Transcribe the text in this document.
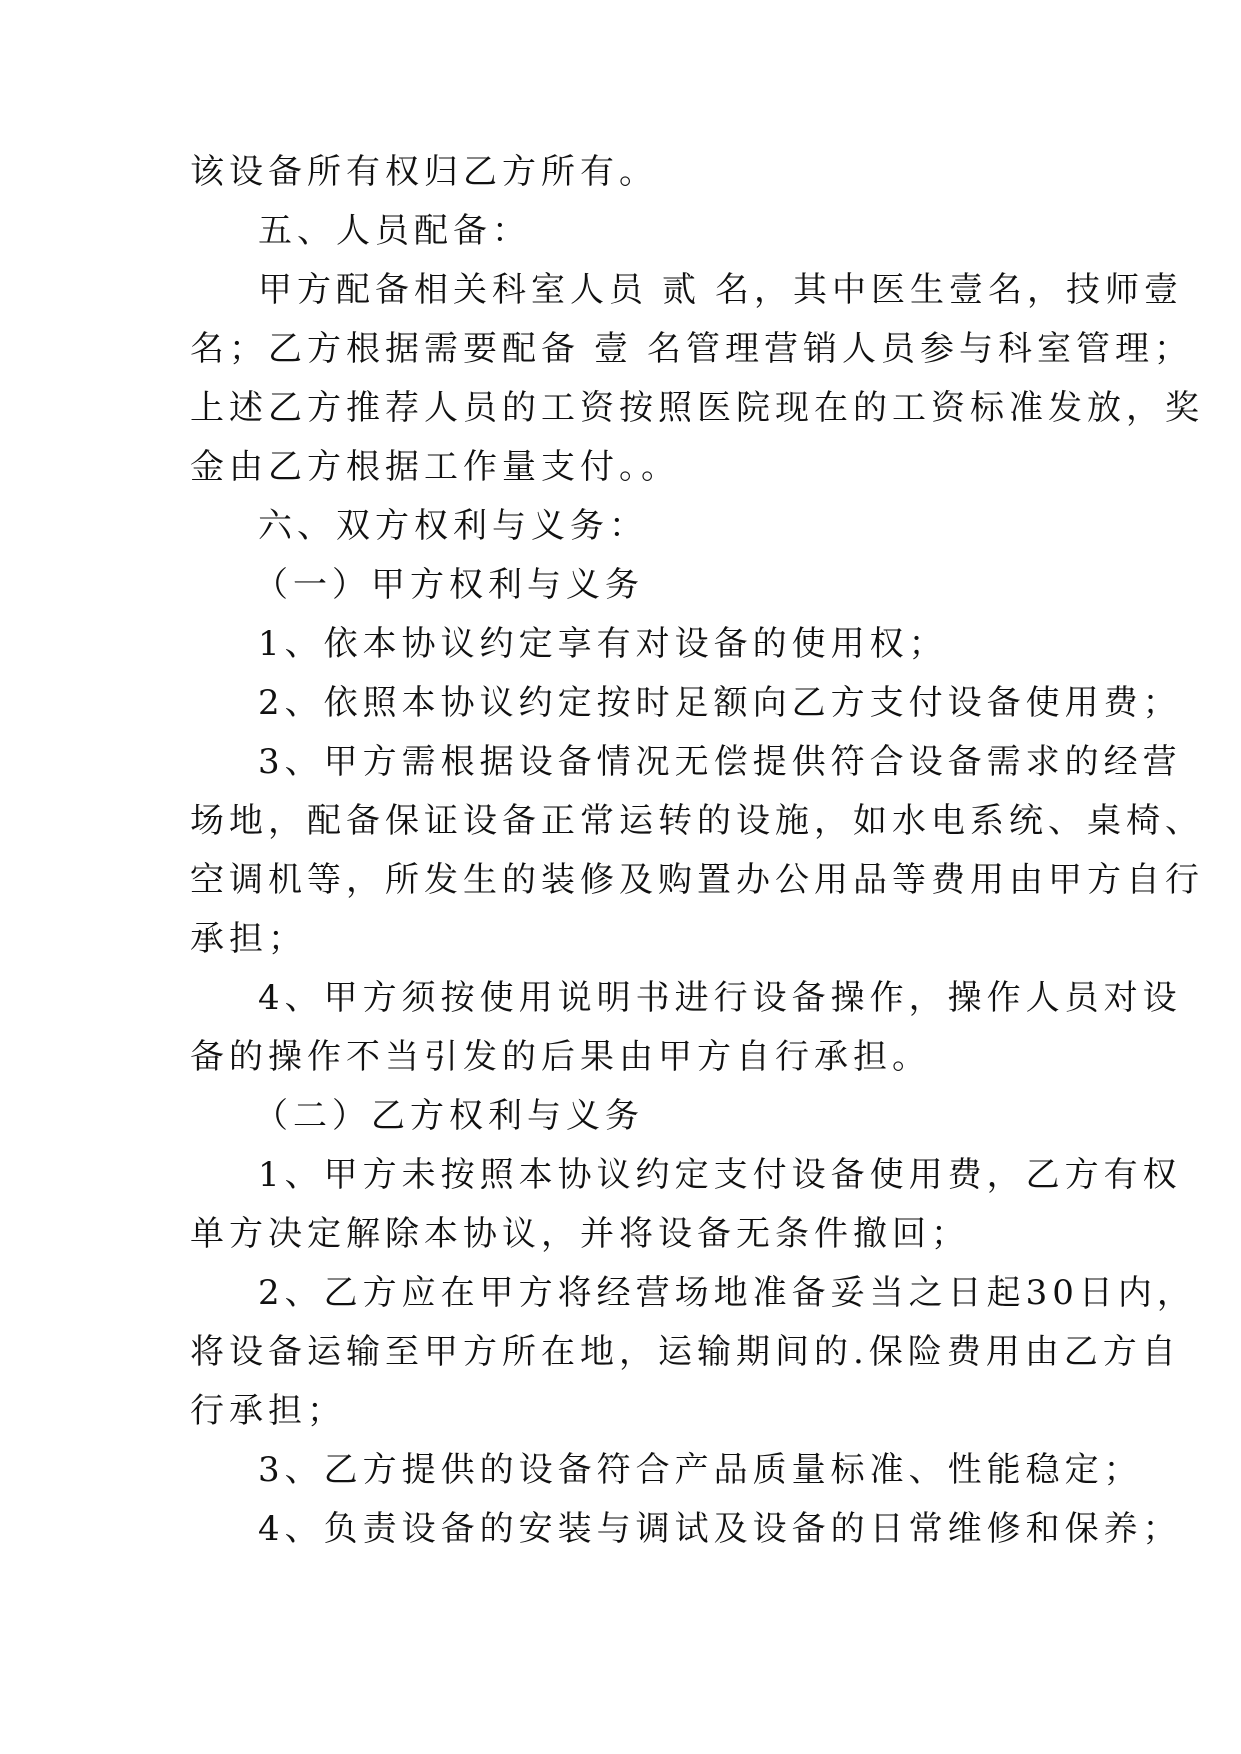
该设备所有权归乙方所有。
五、人员配备：
甲方配备相关科室人员 贰 名，其中医生壹名，技师壹
名；乙方根据需要配备 壹 名管理营销人员参与科室管理；
上述乙方推荐人员的工资按照医院现在的工资标准发放，奖
金由乙方根据工作量支付。。
六、双方权利与义务：
（一）甲方权利与义务
1、依本协议约定享有对设备的使用权；
2、依照本协议约定按时足额向乙方支付设备使用费；
3、甲方需根据设备情况无偿提供符合设备需求的经营
场地，配备保证设备正常运转的设施，如水电系统、桌椅、
空调机等，所发生的装修及购置办公用品等费用由甲方自行
承担；
4、甲方须按使用说明书进行设备操作，操作人员对设
备的操作不当引发的后果由甲方自行承担。
（二）乙方权利与义务
1、甲方未按照本协议约定支付设备使用费，乙方有权
单方决定解除本协议，并将设备无条件撤回；
2、乙方应在甲方将经营场地准备妥当之日起30日内，
将设备运输至甲方所在地，运输期间的.保险费用由乙方自
行承担；
3、乙方提供的设备符合产品质量标准、性能稳定；
4、负责设备的安装与调试及设备的日常维修和保养；
